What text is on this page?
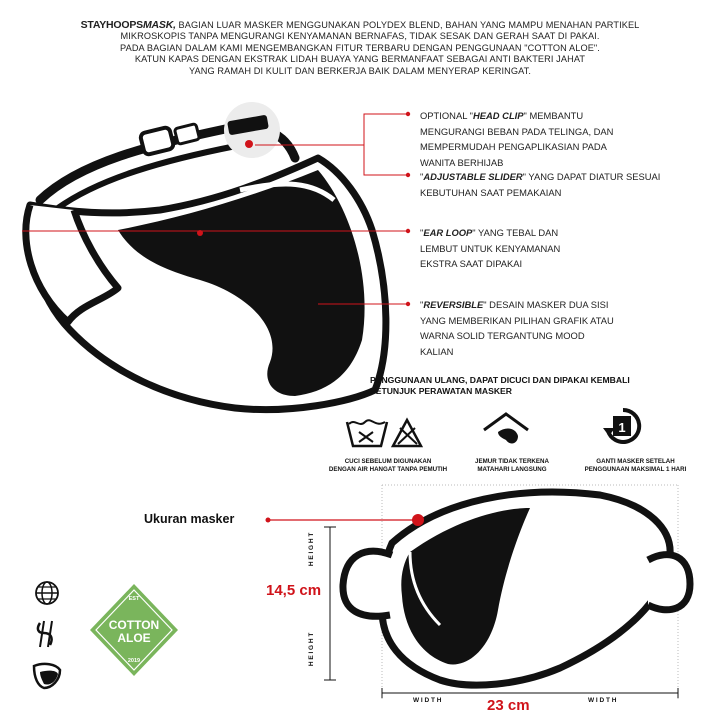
STAYHOOPSMASK, BAGIAN LUAR MASKER MENGGUNAKAN POLYDEX BLEND, BAHAN YANG MAMPU MENAHAN PARTIKEL
MIKROSKOPIS TANPA MENGURANGI KENYAMANAN BERNAFAS, TIDAK SESAK DAN GERAH SAAT DI PAKAI.
PADA BAGIAN DALAM KAMI MENGEMBANGKAN FITUR TERBARU DENGAN PENGGUNAAN "COTTON ALOE".
KATUN KAPAS DENGAN EKSTRAK LIDAH BUAYA YANG BERMANFAAT SEBAGAI ANTI BAKTERI JAHAT
YANG RAMAH DI KULIT DAN BERKERJA BAIK DALAM MENYERAP KERINGAT.
OPTIONAL "HEAD CLIP" MEMBANTU
MENGURANGI BEBAN PADA TELINGA, DAN
MEMPERMUDAH PENGAPLIKASIAN PADA
WANITA BERHIJAB
"ADJUSTABLE SLIDER" YANG DAPAT DIATUR SESUAI
KEBUTUHAN SAAT PEMAKAIAN
"EAR LOOP" YANG TEBAL DAN
LEMBUT UNTUK KENYAMANAN
EKSTRA SAAT DIPAKAI
"REVERSIBLE" DESAIN MASKER DUA SISI
YANG MEMBERIKAN PILIHAN GRAFIK ATAU
WARNA SOLID TERGANTUNG MOOD
KALIAN
PENGGUNAAN ULANG, DAPAT DICUCI DAN DIPAKAI KEMBALI
PETUNJUK PERAWATAN MASKER
1
CUCI SEBELUM DIGUNAKAN
DENGAN AIR HANGAT TANPA PEMUTIH
JEMUR TIDAK TERKENA
MATAHARI LANGSUNG
GANTI MASKER SETELAH
PENGGUNAAN MAKSIMAL 1 HARI
Ukuran masker
14,5 cm
23 cm
HEIGHT
HEIGHT
WIDTH	WIDTH
EST
COTTON
ALOE
2019
